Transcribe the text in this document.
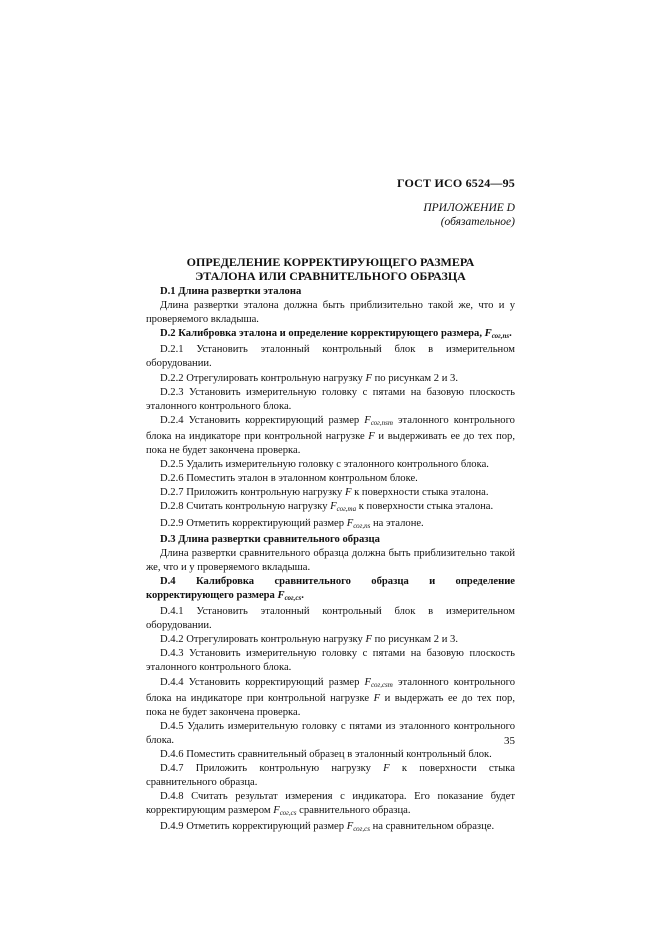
ГОСТ ИСО 6524—95
ПРИЛОЖЕНИЕ D
(обязательное)
ОПРЕДЕЛЕНИЕ КОРРЕКТИРУЮЩЕГО РАЗМЕРА
ЭТАЛОНА ИЛИ СРАВНИТЕЛЬНОГО ОБРАЗЦА

D.1 Длина развертки эталона

Длина развертки эталона должна быть приблизительно такой же, что и у проверяемого вкладыша.

D.2 Калибровка эталона и определение корректирующего размера, $F_{сог,ns}$.

D.2.1 Установить эталонный контрольный блок в измерительном оборудовании.

D.2.2 Отрегулировать контрольную нагрузку F по рисункам 2 и 3.

D.2.3 Установить измерительную головку с пятами на базовую плоскость эталонного контрольного блока.

D.2.4 Установить корректирующий размер $F_{сог,nsm}$ эталонного контрольного блока на индикаторе при контрольной нагрузке F и выдерживать ее до тех пор, пока не будет закончена проверка.

D.2.5 Удалить измерительную головку с эталонного контрольного блока.

D.2.6 Поместить эталон в эталонном контрольном блоке.

D.2.7 Приложить контрольную нагрузку F к поверхности стыка эталона.

D.2.8 Считать контрольную нагрузку $F_{сог,ma}$ к поверхности стыка эталона.

D.2.9 Отметить корректирующий размер $F_{сог,ns}$ на эталоне.

D.3 Длина развертки сравнительного образца

Длина развертки сравнительного образца должна быть приблизительно такой же, что и у проверяемого вкладыша.

D.4 Калибровка сравнительного образца и определение корректирующего размера $F_{сог,cs}$.

D.4.1 Установить эталонный контрольный блок в измерительном оборудовании.

D.4.2 Отрегулировать контрольную нагрузку F по рисункам 2 и 3.

D.4.3 Установить измерительную головку с пятами на базовую плоскость эталонного контрольного блока.

D.4.4 Установить корректирующий размер $F_{сог,csm}$ эталонного контрольного блока на индикаторе при контрольной нагрузке F и выдержать ее до тех пор, пока не будет закончена проверка.

D.4.5 Удалить измерительную головку с пятами из эталонного контрольного блока.

D.4.6 Поместить сравнительный образец в эталонный контрольный блок.

D.4.7 Приложить контрольную нагрузку F к поверхности стыка сравнительного образца.

D.4.8 Считать результат измерения с индикатора. Его показание будет корректирующим размером $F_{сог,cs}$ сравнительного образца.

D.4.9 Отметить корректирующий размер $F_{сог,cs}$ на сравнительном образце.

35
